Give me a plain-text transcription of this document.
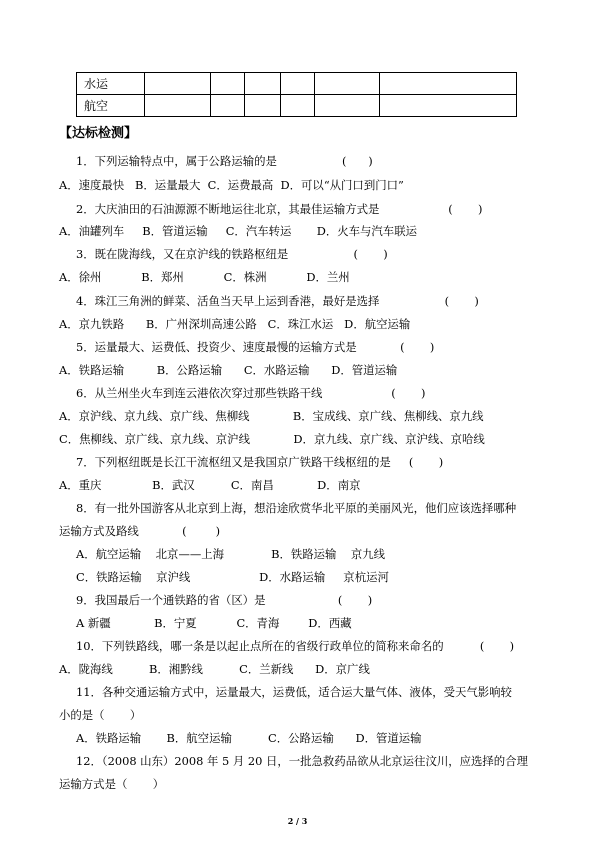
水运						
航空						
【达标检测】
1．下列运输特点中，属于公路运输的是                  (      )
A．速度最快   B．运量最大  C．运费最高  D．可以“从门口到门口”
2．大庆油田的石油源源不断地运往北京，其最佳运输方式是                   (       )
A．油罐列车     B．管道运输     C．汽车转运       D．火车与汽车联运
3．既在陇海线，又在京沪线的铁路枢纽是                  (       )
A．徐州           B．郑州           C．株洲           D．兰州
4．珠江三角洲的鲜菜、活鱼当天早上运到香港，最好是选择                  (       )
A．京九铁路      B．广州深圳高速公路   C．珠江水运   D．航空运输
5．运量最大、运费低、投资少、速度最慢的运输方式是            (       )
A．铁路运输         B．公路运输      C．水路运输      D．管道运输
6．从兰州坐火车到连云港依次穿过那些铁路干线                   (       )
A．京沪线、京九线、京广线、焦柳线            B．宝成线、京广线、焦柳线、京九线
C．焦柳线、京广线、京九线、京沪线            D．京九线、京广线、京沪线、京哈线
7．下列枢纽既是长江干流枢纽又是我国京广铁路干线枢纽的是     (       )
A．重庆              B．武汉          C．南昌            D．南京
8．有一批外国游客从北京到上海，想沿途欣赏华北平原的美丽风光，他们应该选择哪种
运输方式及路线            (        )
A．航空运输    北京——上海             B．铁路运输    京九线
C．铁路运输    京沪线                   D．水路运输     京杭运河
9．我国最后一个通铁路的省（区）是                    (       )
A 新疆            B．宁夏           C．青海        D．西藏
10．下列铁路线，哪一条是以起止点所在的省级行政单位的简称来命名的          (       )
A．陇海线          B．湘黔线          C．兰新线      D．京广线
11．各种交通运输方式中，运量最大，运费低，适合运大量气体、液体，受天气影响较
小的是（       ）
A．铁路运输       B．航空运输          C．公路运输      D．管道运输
12．（2008 山东）2008 年 5 月 20 日，一批急救药品欲从北京运往汶川，应选择的合理
运输方式是（       ）
2 / 3
